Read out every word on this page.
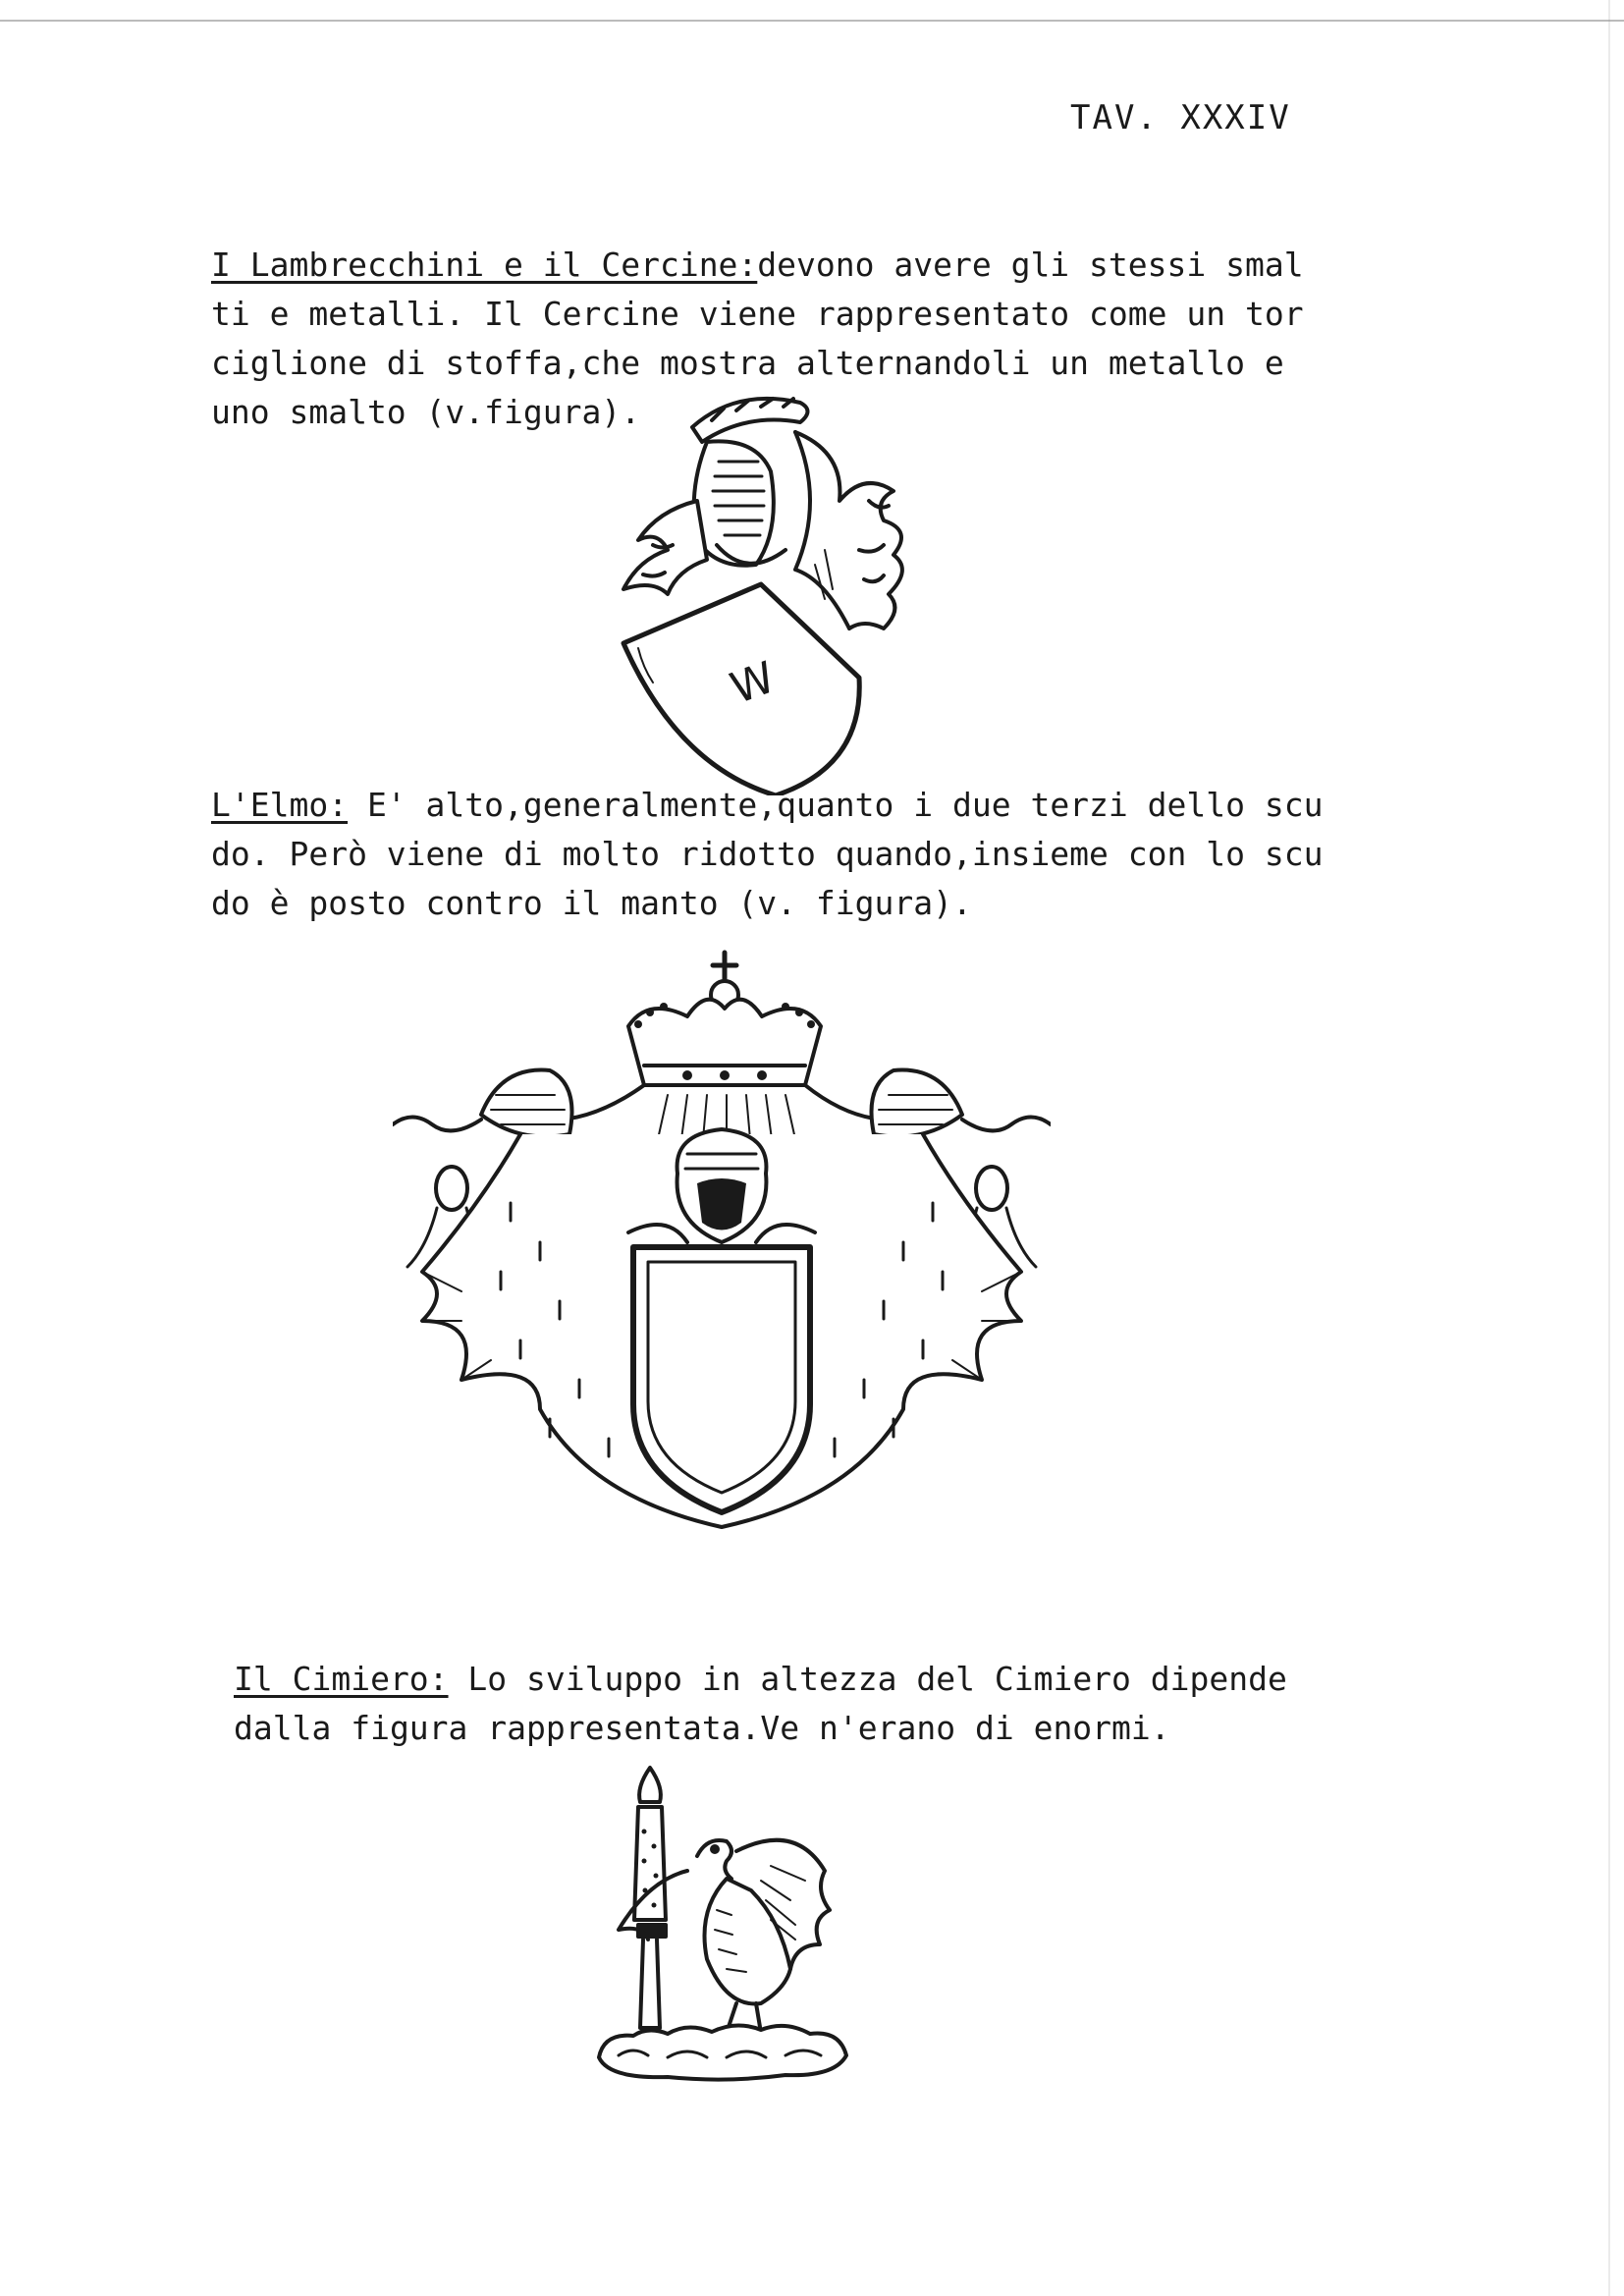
TAV. XXXIV

I Lambrecchini e il Cercine:devono avere gli stessi smal
ti e metalli. Il Cercine viene rappresentato come un tor
ciglione di stoffa,che mostra alternandoli un metallo e
uno smalto (v.figura).

W

L'Elmo: E' alto,generalmente,quanto i due terzi dello scu
do. Però viene di molto ridotto quando,insieme con lo scu
do è posto contro il manto (v. figura).

Il Cimiero: Lo sviluppo in altezza del Cimiero dipende
dalla figura rappresentata.Ve n'erano di enormi.
